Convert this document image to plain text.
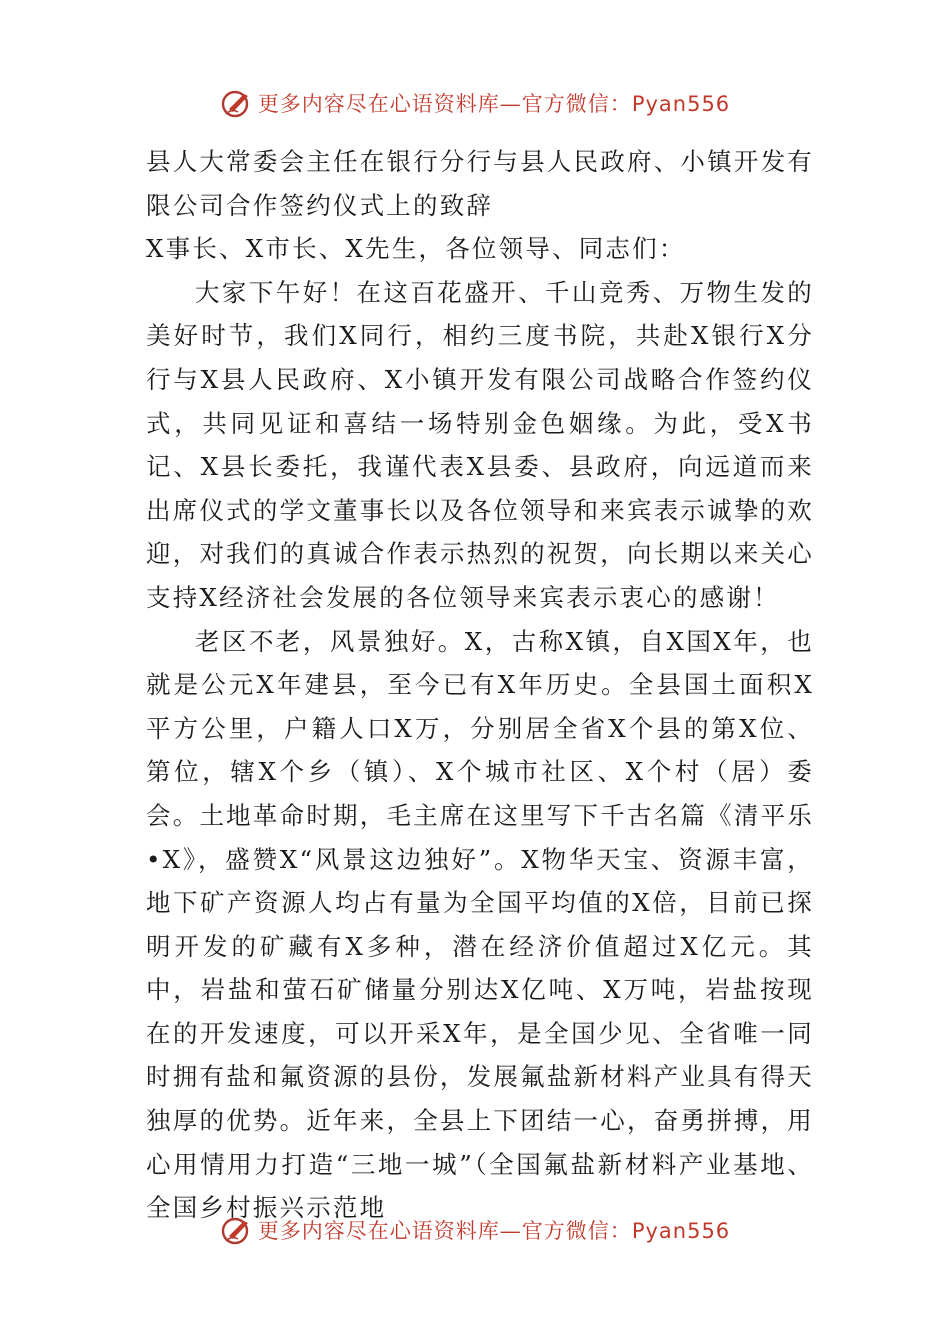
更多内容尽在心语资料库—官方微信：Pyan556

县人大常委会主任在银行分行与县人民政府、小镇开发有限公司合作签约仪式上的致辞

X事长、X市长、X先生，各位领导、同志们：

大家下午好！在这百花盛开、千山竞秀、万物生发的美好时节，我们X同行，相约三度书院，共赴X银行X分行与X县人民政府、X小镇开发有限公司战略合作签约仪式，共同见证和喜结一场特别金色姻缘。为此，受X书记、X县长委托，我谨代表X县委、县政府，向远道而来出席仪式的学文董事长以及各位领导和来宾表示诚挚的欢迎，对我们的真诚合作表示热烈的祝贺，向长期以来关心支持X经济社会发展的各位领导来宾表示衷心的感谢！

老区不老，风景独好。X，古称X镇，自X国X年，也就是公元X年建县，至今已有X年历史。全县国土面积X平方公里，户籍人口X万，分别居全省X个县的第X位、第位，辖X个乡（镇）、X个城市社区、X个村（居）委会。土地革命时期，毛主席在这里写下千古名篇《清平乐•X》，盛赞X“风景这边独好”。X物华天宝、资源丰富，地下矿产资源人均占有量为全国平均值的X倍，目前已探明开发的矿藏有X多种，潜在经济价值超过X亿元。其中，岩盐和萤石矿储量分别达X亿吨、X万吨，岩盐按现在的开发速度，可以开采X年，是全国少见、全省唯一同时拥有盐和氟资源的县份，发展氟盐新材料产业具有得天独厚的优势。近年来，全县上下团结一心，奋勇拼搏，用心用情用力打造“三地一城”（全国氟盐新材料产业基地、全国乡村振兴示范地

更多内容尽在心语资料库—官方微信：Pyan556
